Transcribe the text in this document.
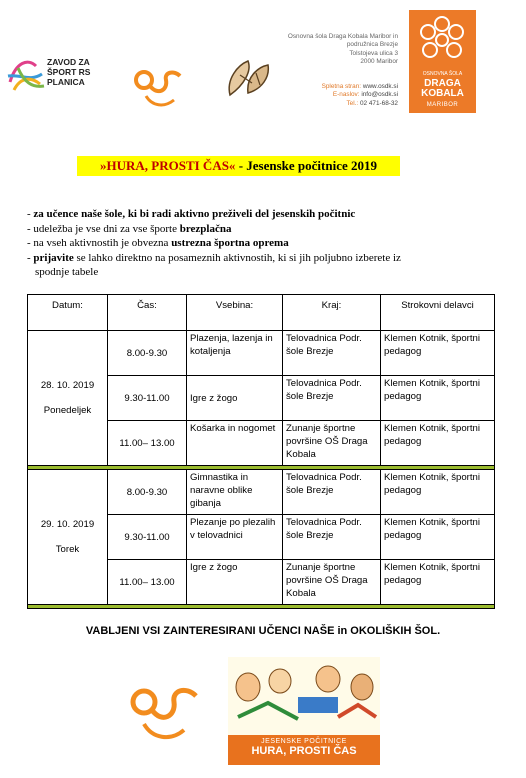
ZAVOD ZA
ŠPORT RS
PLANICA
Osnovna šola Draga Kobala Maribor in podružnica Brezje
Tolstojeva ulica 3
2000 Maribor
Spletna stran: www.osdk.si
E-naslov: info@osdk.si
Tel.: 02 471-68-32
OSNOVNA ŠOLA
DRAGA
KOBALA
MARIBOR
»HURA, PROSTI ČAS« - Jesenske počitnice 2019
- za učence naše šole, ki bi radi aktivno preživeli del jesenskih počitnic
- udeležba je vse dni za vse športe brezplačna
- na vseh aktivnostih je obvezna ustrezna športna oprema
- prijavite se lahko direktno na posameznih aktivnostih, ki si jih poljubno izberete iz
spodnje tabele
Datum:	Čas:	Vsebina:	Kraj:	Strokovni delavci

28. 10. 2019
Ponedeljek	8.00-9.30	Plazenja, lazenja in kotaljenja	Telovadnica Podr. šole Brezje	Klemen Kotnik, športni pedagog
	9.30-11.00	Igre z žogo	Telovadnica Podr. šole Brezje	Klemen Kotnik, športni pedagog
	11.00– 13.00	Košarka in nogomet	Zunanje športne površine OŠ Draga Kobala	Klemen Kotnik, športni pedagog

29. 10. 2019
Torek	8.00-9.30	Gimnastika in naravne oblike gibanja	Telovadnica Podr. šole Brezje	Klemen Kotnik, športni pedagog
	9.30-11.00	Plezanje po plezalih v telovadnici	Telovadnica Podr. šole Brezje	Klemen Kotnik, športni pedagog
	11.00– 13.00	Igre z žogo	Zunanje športne površine OŠ Draga Kobala	Klemen Kotnik, športni pedagog

VABLJENI VSI ZAINTERESIRANI UČENCI NAŠE in OKOLIŠKIH ŠOL.
JESENSKE POČITNICE
HURA, PROSTI ČAS
